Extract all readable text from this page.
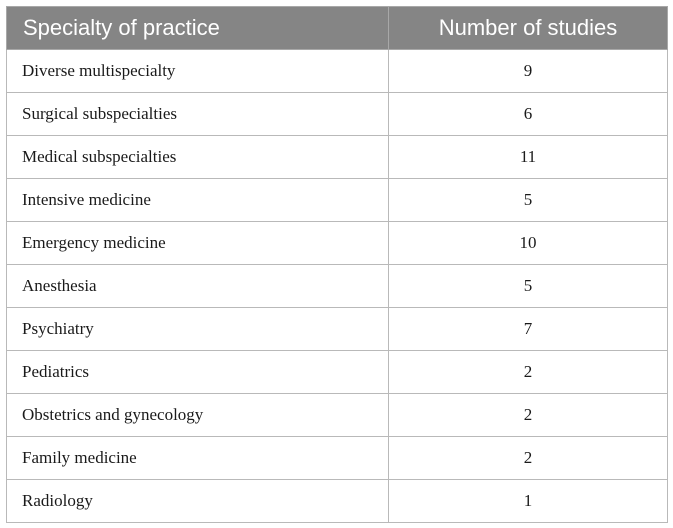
Specialty of practice	Number of studies
Diverse multispecialty	9
Surgical subspecialties	6
Medical subspecialties	11
Intensive medicine	5
Emergency medicine	10
Anesthesia	5
Psychiatry	7
Pediatrics	2
Obstetrics and gynecology	2
Family medicine	2
Radiology	1
